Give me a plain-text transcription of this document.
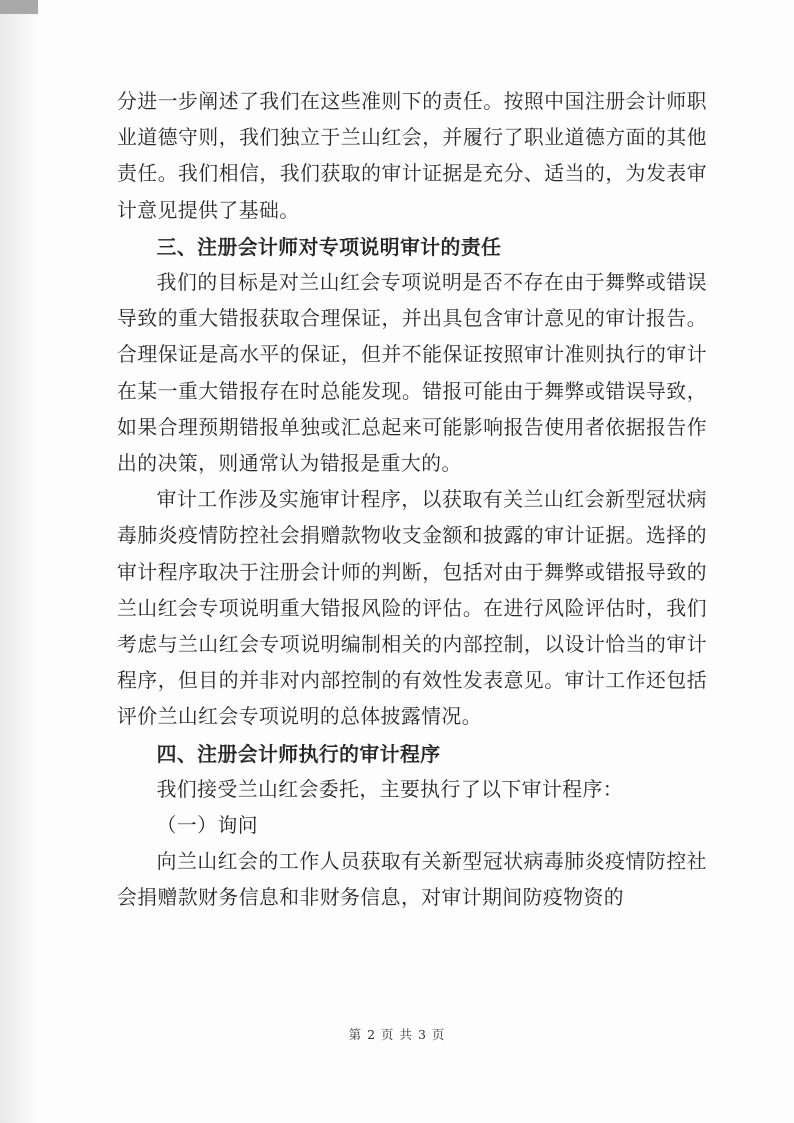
分进一步阐述了我们在这些准则下的责任。按照中国注册会计师职业道德守则，我们独立于兰山红会，并履行了职业道德方面的其他责任。我们相信，我们获取的审计证据是充分、适当的，为发表审计意见提供了基础。

三、注册会计师对专项说明审计的责任

我们的目标是对兰山红会专项说明是否不存在由于舞弊或错误导致的重大错报获取合理保证，并出具包含审计意见的审计报告。合理保证是高水平的保证，但并不能保证按照审计准则执行的审计在某一重大错报存在时总能发现。错报可能由于舞弊或错误导致，如果合理预期错报单独或汇总起来可能影响报告使用者依据报告作出的决策，则通常认为错报是重大的。

审计工作涉及实施审计程序，以获取有关兰山红会新型冠状病毒肺炎疫情防控社会捐赠款物收支金额和披露的审计证据。选择的审计程序取决于注册会计师的判断，包括对由于舞弊或错报导致的兰山红会专项说明重大错报风险的评估。在进行风险评估时，我们考虑与兰山红会专项说明编制相关的内部控制，以设计恰当的审计程序，但目的并非对内部控制的有效性发表意见。审计工作还包括评价兰山红会专项说明的总体披露情况。

四、注册会计师执行的审计程序

我们接受兰山红会委托，主要执行了以下审计程序：

（一）询问

向兰山红会的工作人员获取有关新型冠状病毒肺炎疫情防控社会捐赠款财务信息和非财务信息，对审计期间防疫物资的

第 2 页 共 3 页
